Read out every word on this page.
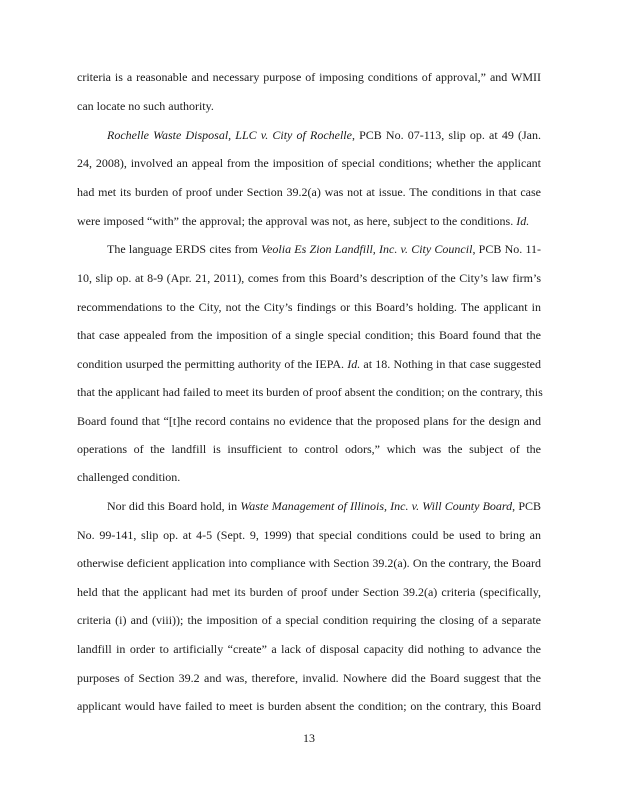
criteria is a reasonable and necessary purpose of imposing conditions of approval,” and WMII
can locate no such authority.
Rochelle Waste Disposal, LLC v. City of Rochelle, PCB No. 07-113, slip op. at 49 (Jan.
24, 2008), involved an appeal from the imposition of special conditions; whether the applicant
had met its burden of proof under Section 39.2(a) was not at issue. The conditions in that case
were imposed “with” the approval; the approval was not, as here, subject to the conditions. Id.
The language ERDS cites from Veolia Es Zion Landfill, Inc. v. City Council, PCB No. 11-
10, slip op. at 8-9 (Apr. 21, 2011), comes from this Board’s description of the City’s law firm’s
recommendations to the City, not the City’s findings or this Board’s holding. The applicant in
that case appealed from the imposition of a single special condition; this Board found that the
condition usurped the permitting authority of the IEPA. Id. at 18. Nothing in that case suggested
that the applicant had failed to meet its burden of proof absent the condition; on the contrary, this
Board found that “[t]he record contains no evidence that the proposed plans for the design and
operations of the landfill is insufficient to control odors,” which was the subject of the
challenged condition.
Nor did this Board hold, in Waste Management of Illinois, Inc. v. Will County Board, PCB
No. 99-141, slip op. at 4-5 (Sept. 9, 1999) that special conditions could be used to bring an
otherwise deficient application into compliance with Section 39.2(a). On the contrary, the Board
held that the applicant had met its burden of proof under Section 39.2(a) criteria (specifically,
criteria (i) and (viii)); the imposition of a special condition requiring the closing of a separate
landfill in order to artificially “create” a lack of disposal capacity did nothing to advance the
purposes of Section 39.2 and was, therefore, invalid. Nowhere did the Board suggest that the
applicant would have failed to meet is burden absent the condition; on the contrary, this Board
13
